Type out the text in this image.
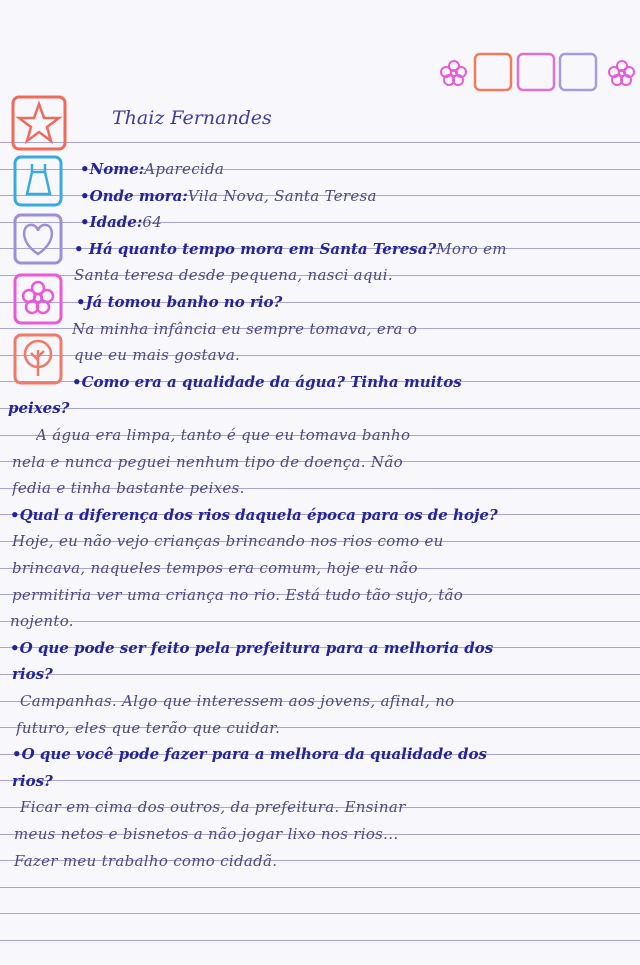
Thaiz Fernandes
•Nome:Aparecida
•Onde mora:Vila Nova, Santa Teresa
•Idade:64
• Há quanto tempo mora em Santa Teresa?Moro em
Santa teresa desde pequena, nasci aqui.
•Já tomou banho no rio?
Na minha infância eu sempre tomava, era o
que eu mais gostava.
•Como era a qualidade da água? Tinha muitos
peixes?
A água era limpa, tanto é que eu tomava banho
nela e nunca peguei nenhum tipo de doença. Não
fedia e tinha bastante peixes.
•Qual a diferença dos rios daquela época para os de hoje?
Hoje, eu não vejo crianças brincando nos rios como eu
brincava, naqueles tempos era comum, hoje eu não
permitiria ver uma criança no rio. Está tudo tão sujo, tão
nojento.
•O que pode ser feito pela prefeitura para a melhoria dos
rios?
Campanhas. Algo que interessem aos jovens, afinal, no
futuro, eles que terão que cuidar.
•O que você pode fazer para a melhora da qualidade dos
rios?
Ficar em cima dos outros, da prefeitura. Ensinar
meus netos e bisnetos a não jogar lixo nos rios...
Fazer meu trabalho como cidadã.
